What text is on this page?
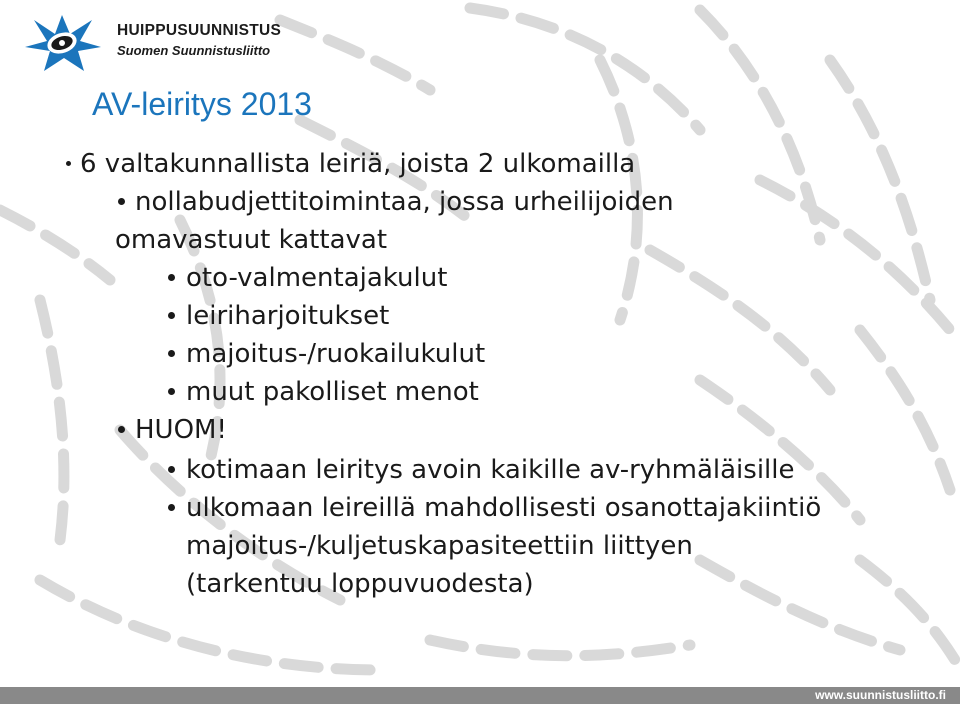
HUIPPUSUUNNISTUS
Suomen Suunnistusliitto
AV-leiritys 2013
6 valtakunnallista leiriä, joista 2 ulkomailla
nollabudjettitoimintaa, jossa urheilijoiden
omavastuut kattavat
oto-valmentajakulut
leiriharjoitukset
majoitus-/ruokailukulut
muut pakolliset menot
HUOM!
kotimaan leiritys avoin kaikille av-ryhmäläisille
ulkomaan leireillä mahdollisesti osanottajakiintiö
majoitus-/kuljetuskapasiteettiin liittyen
(tarkentuu loppuvuodesta)
www.suunnistusliitto.fi
